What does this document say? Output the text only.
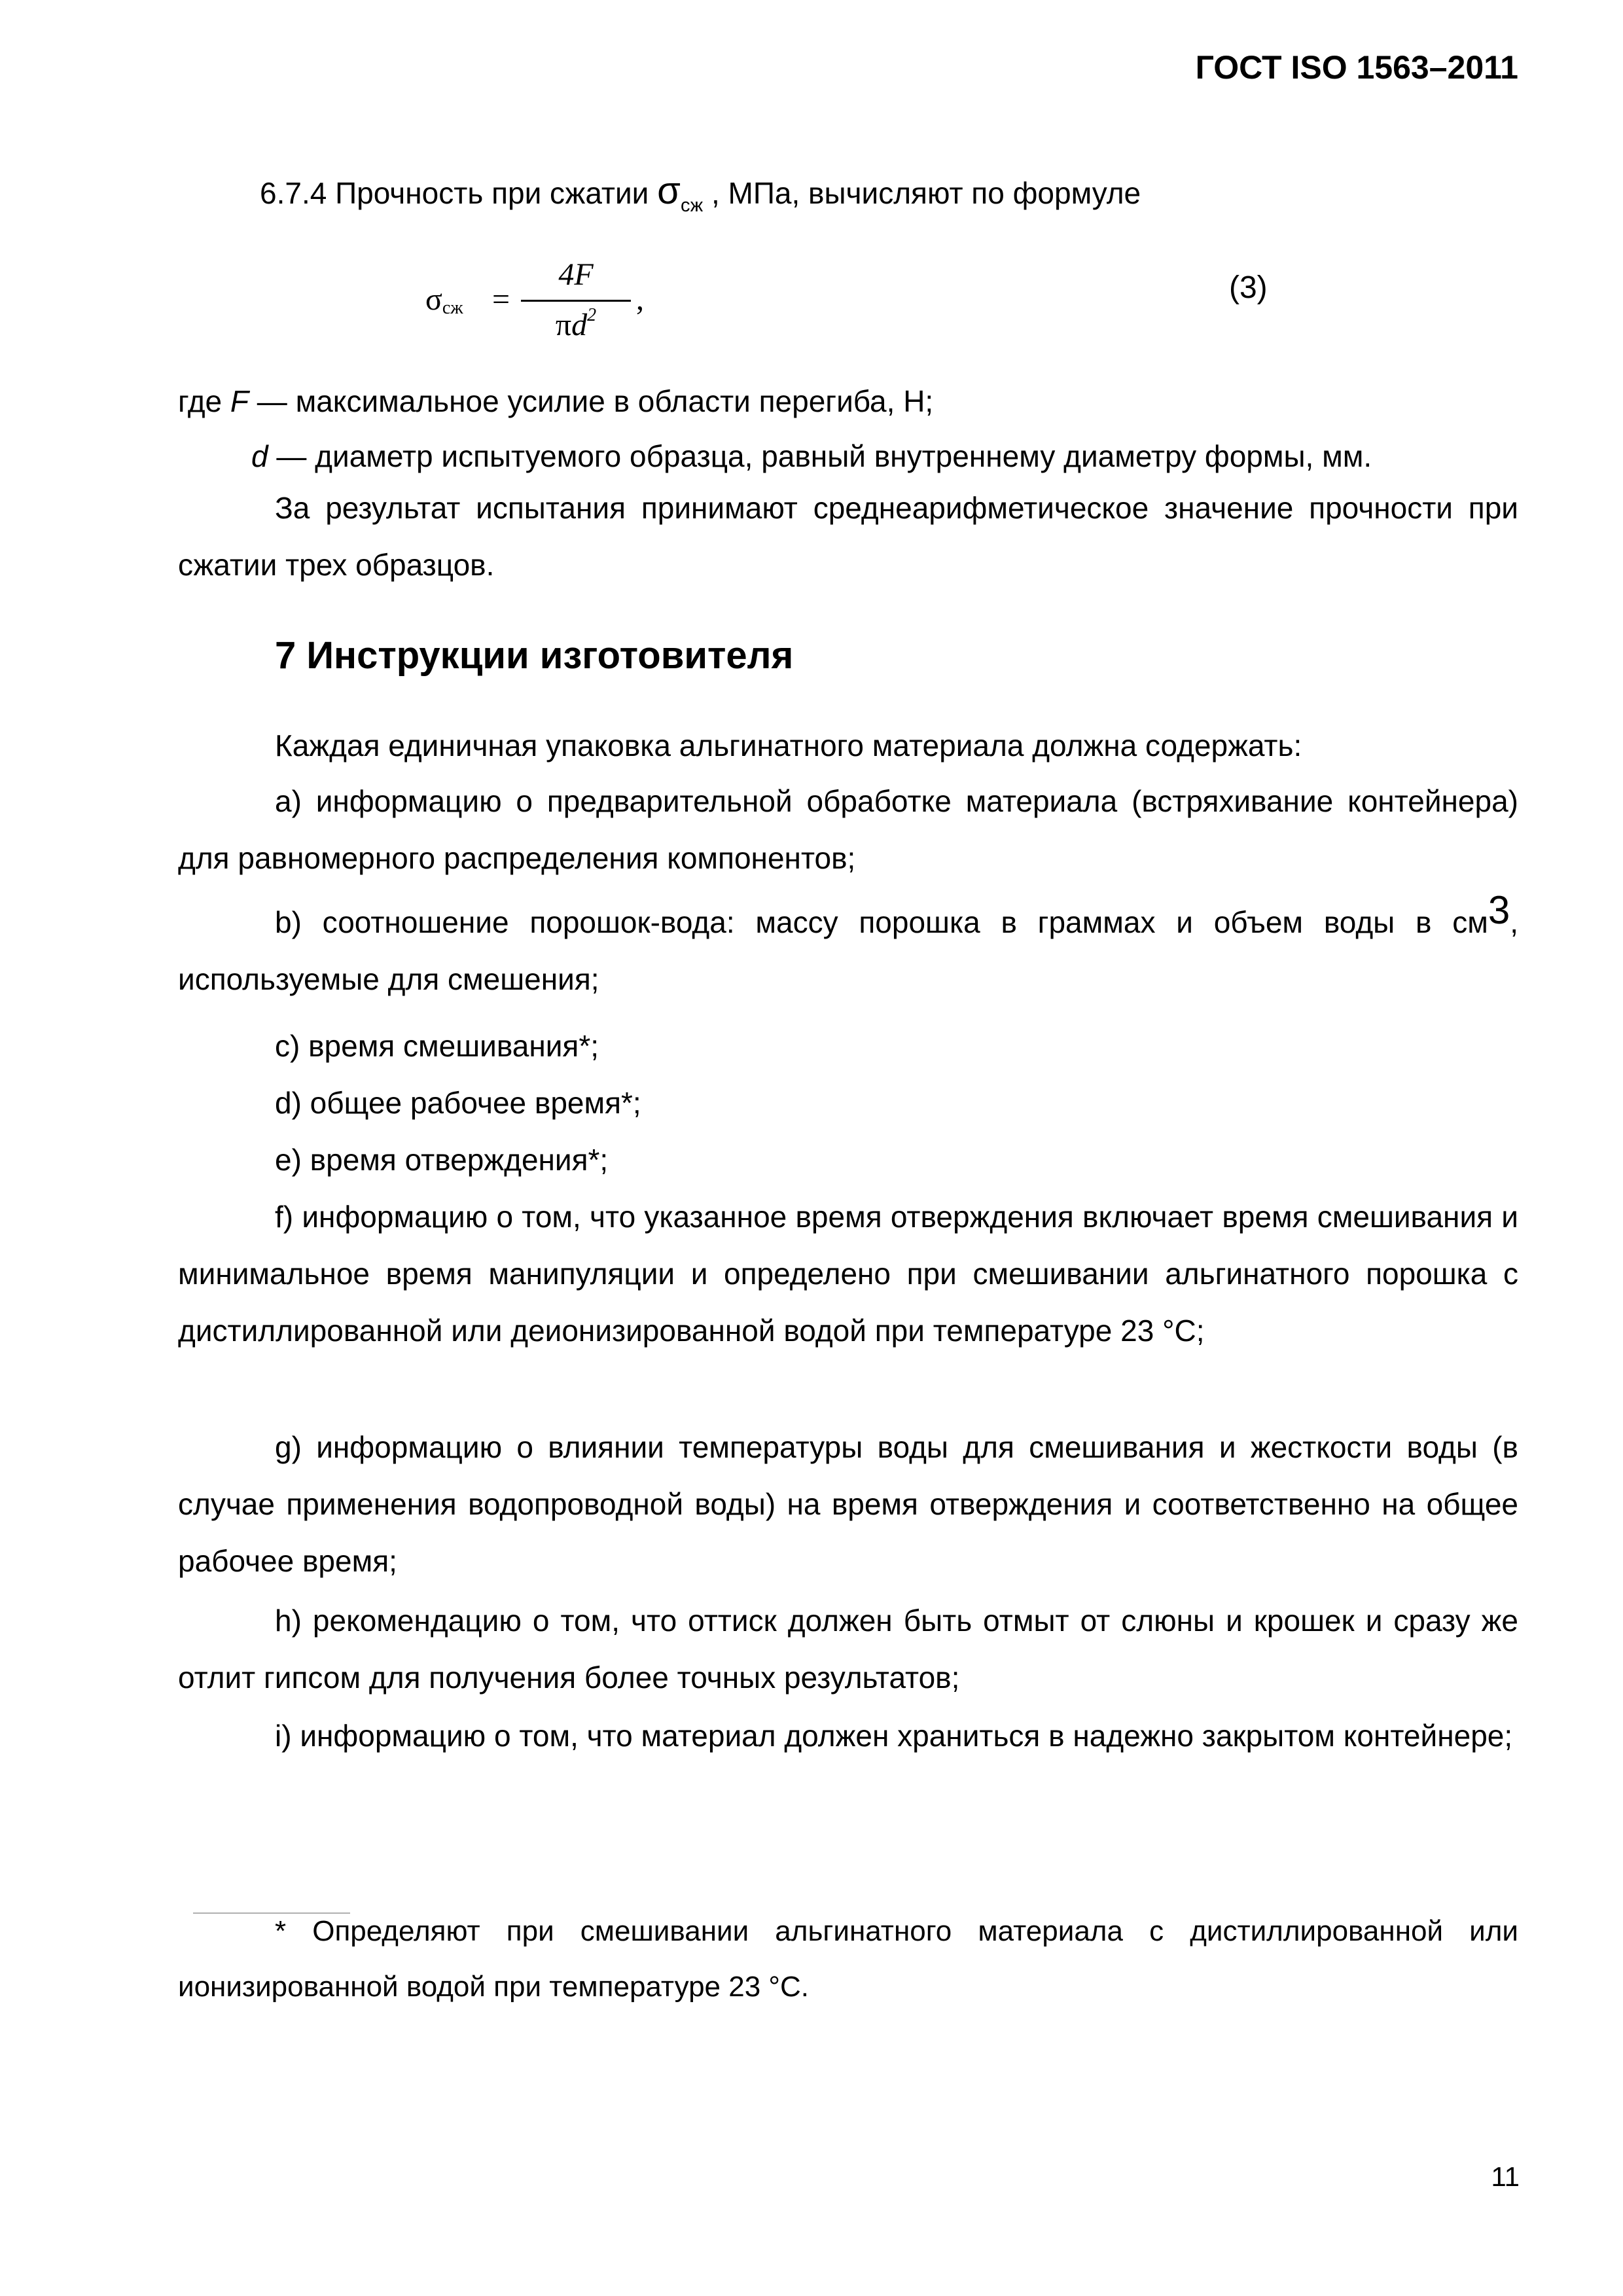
ГОСТ ISO 1563–2011
6.7.4 Прочность при сжатии $\sigma_{сж}$ , МПа, вычисляют по формуле
σсж =
4F
$\pi d^2$	,	(3)
где F — максимальное усилие в области перегиба, Н;
d — диаметр испытуемого образца, равный внутреннему диаметру формы, мм.
За результат испытания принимают среднеарифметическое значение прочности при сжатии трех образцов.
7 Инструкции изготовителя
Каждая единичная упаковка альгинатного материала должна содержать:
a) информацию о предварительной обработке материала (встряхивание контейнера) для равномерного распределения компонентов;
b) соотношение порошок-вода: массу порошка в граммах и объем воды в см3, используемые для смешения;
c) время смешивания*;
d) общее рабочее время*;
e) время отверждения*;
f) информацию о том, что указанное время отверждения включает время смешивания и минимальное время манипуляции и определено при смешивании альгинатного порошка с дистиллированной или деионизированной водой при температуре 23 °С;
g) информацию о влиянии температуры воды для смешивания и жесткости воды (в случае применения водопроводной воды) на время отверждения и соответственно на общее рабочее время;
h) рекомендацию о том, что оттиск должен быть отмыт от слюны и крошек и сразу же отлит гипсом для получения более точных результатов;
i) информацию о том, что материал должен храниться в надежно закрытом контейнере;
* Определяют при смешивании альгинатного материала с дистиллированной или ионизированной водой при температуре 23 °С.
11
